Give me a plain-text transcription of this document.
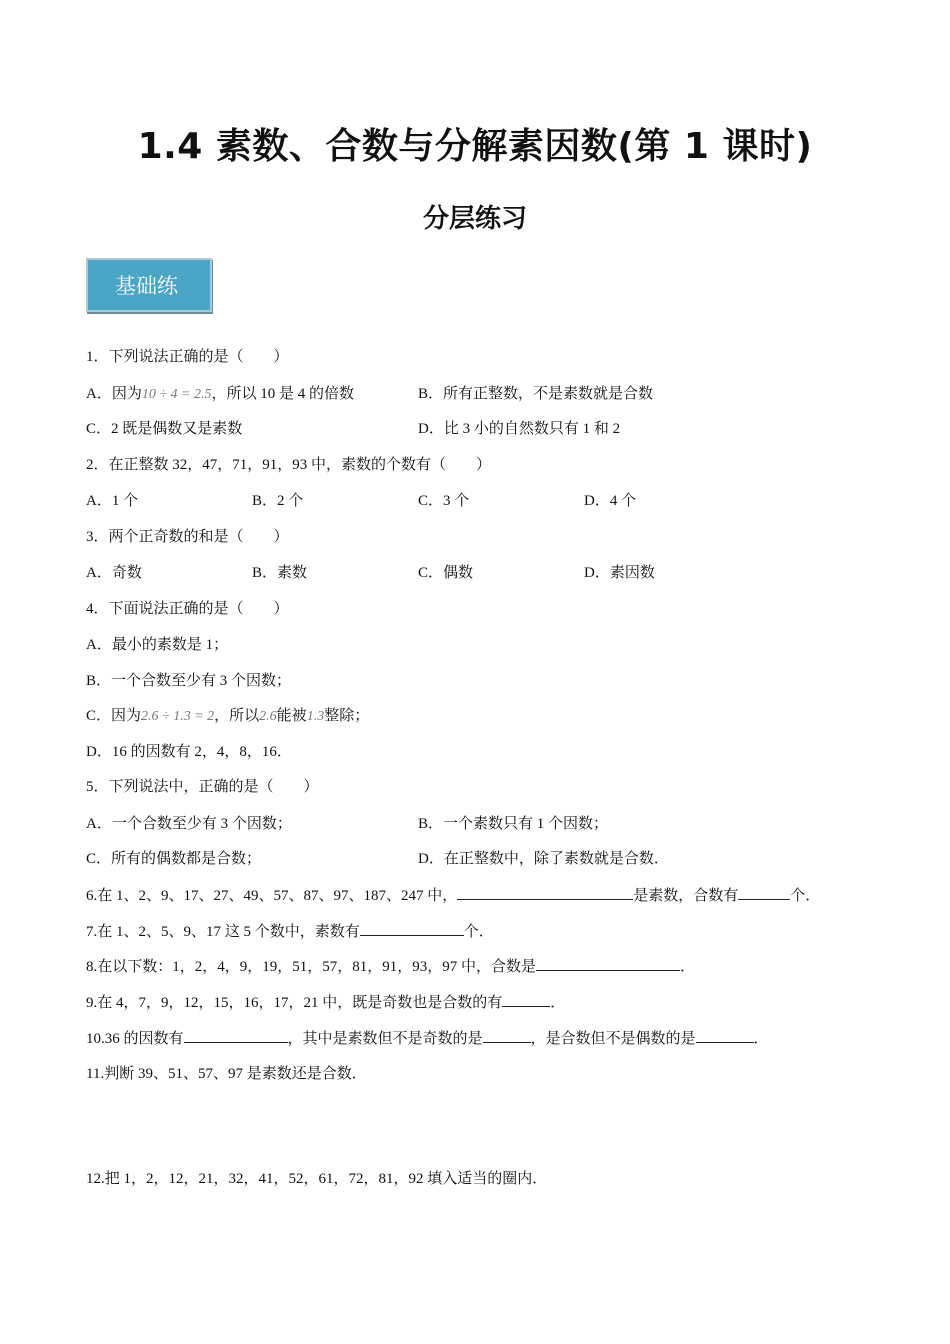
1.4 素数、合数与分解素因数(第 1 课时)
分层练习
基础练
1．下列说法正确的是（　　）
A．因为10 ÷ 4 = 2.5，所以 10 是 4 的倍数	B．所有正整数，不是素数就是合数
C．2 既是偶数又是素数	D．比 3 小的自然数只有 1 和 2
2．在正整数 32，47，71，91，93 中，素数的个数有（　　）
A．1 个	B．2 个	C．3 个	D．4 个
3．两个正奇数的和是（　　）
A．奇数	B．素数	C．偶数	D．素因数
4．下面说法正确的是（　　）
A．最小的素数是 1；
B．一个合数至少有 3 个因数；
C．因为2.6 ÷ 1.3 = 2，所以2.6能被1.3整除；
D．16 的因数有 2，4，8，16．
5．下列说法中，正确的是（　　）
A．一个合数至少有 3 个因数；	B．一个素数只有 1 个因数；
C．所有的偶数都是合数；	D．在正整数中，除了素数就是合数．
6.在 1、2、9、17、27、49、57、87、97、187、247 中，	是素数，合数有	个．
7.在 1、2、5、9、17 这 5 个数中，素数有	个．
8.在以下数：1，2，4，9，19，51，57，81，91，93，97 中，合数是	．
9.在 4，7，9，12，15，16，17，21 中，既是奇数也是合数的有	．
10.36 的因数有	，其中是素数但不是奇数的是	，是合数但不是偶数的是	．
11.判断 39、51、57、97 是素数还是合数．
12.把 1，2，12，21，32，41，52，61，72，81，92 填入适当的圈内．
